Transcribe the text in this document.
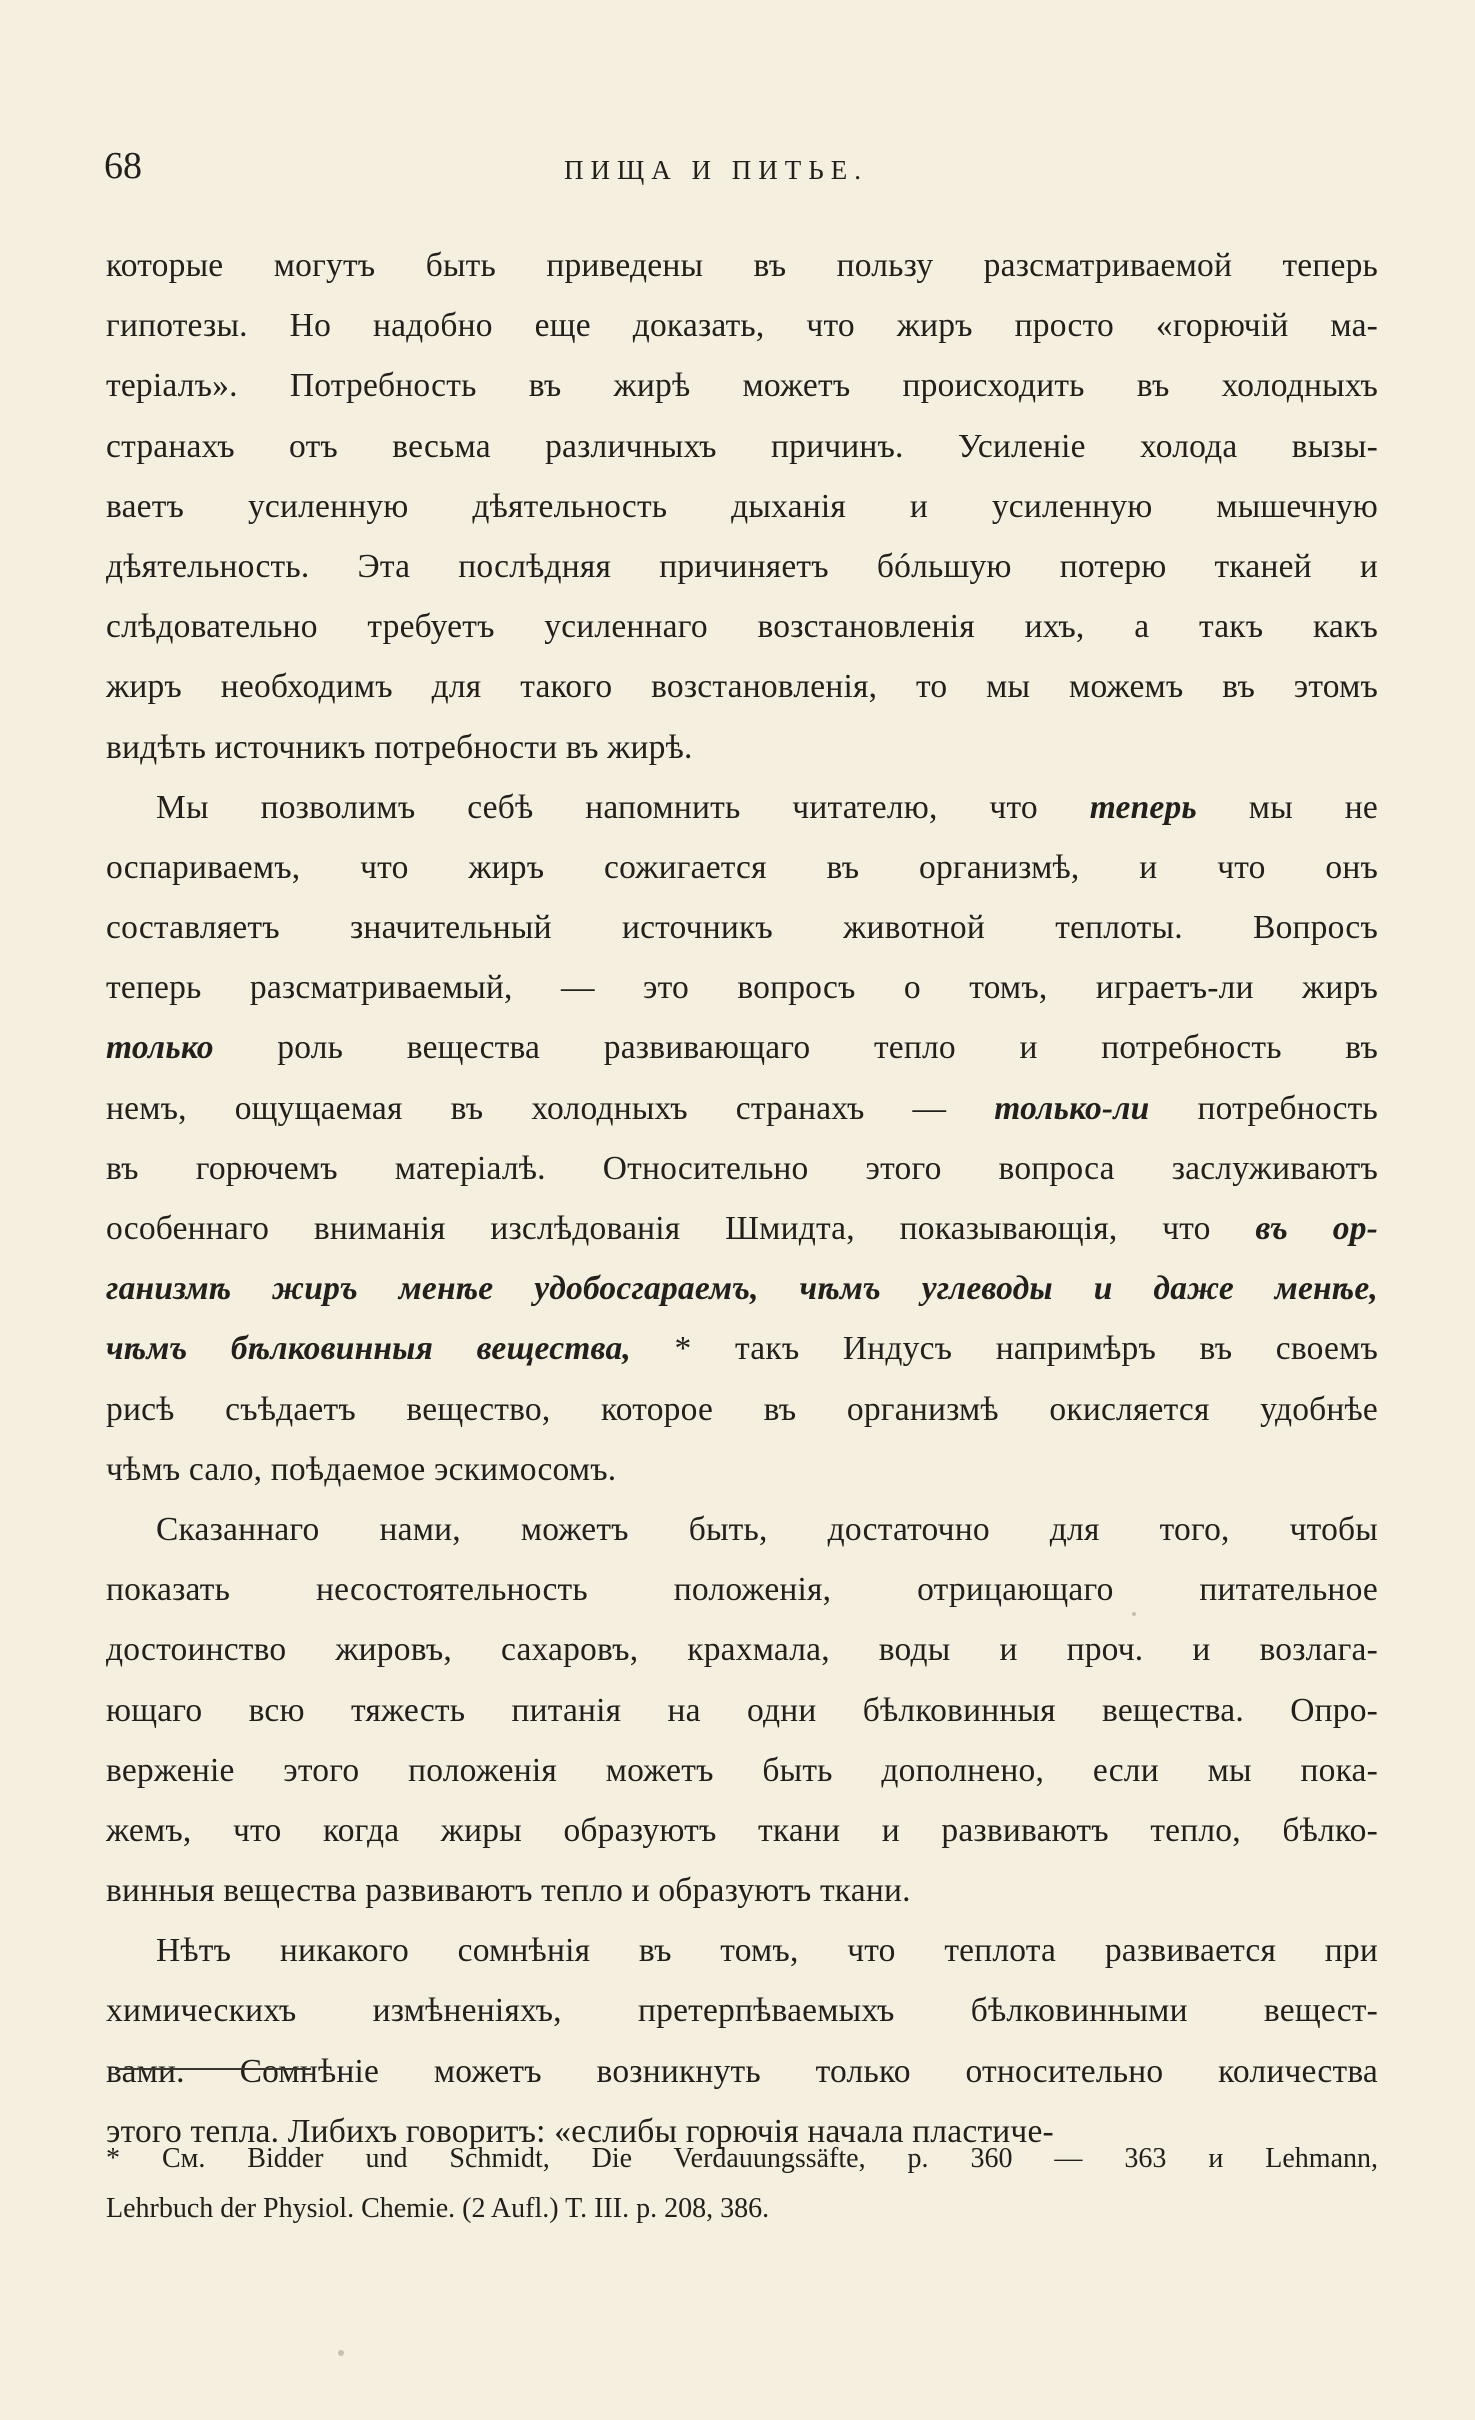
68	ПИЩА И ПИТЬЕ.
которые могутъ быть приведены въ пользу разсматриваемой теперь
гипотезы. Но надобно еще доказать, что жиръ просто «горючій ма-
теріалъ». Потребность въ жирѣ можетъ происходить въ холодныхъ
странахъ отъ весьма различныхъ причинъ. Усиленіе холода вызы-
ваетъ усиленную дѣятельность дыханія и усиленную мышечную
дѣятельность. Эта послѣдняя причиняетъ бóльшую потерю тканей и
слѣдовательно требуетъ усиленнаго возстановленія ихъ, а такъ какъ
жиръ необходимъ для такого возстановленія, то мы можемъ въ этомъ
видѣть источникъ потребности въ жирѣ.
Мы позволимъ себѣ напомнить читателю, что теперь мы не
оспариваемъ, что жиръ сожигается въ организмѣ, и что онъ
составляетъ значительный источникъ животной теплоты. Вопросъ
теперь разсматриваемый, — это вопросъ о томъ, играетъ-ли жиръ
только роль вещества развивающаго тепло и потребность въ
немъ, ощущаемая въ холодныхъ странахъ — только-ли потребность
въ горючемъ матеріалѣ. Относительно этого вопроса заслуживаютъ
особеннаго вниманія изслѣдованія Шмидта, показывающія, что въ ор-
ганизмѣ жиръ менѣе удобосгараемъ, чѣмъ углеводы и даже менѣе,
чѣмъ бѣлковинныя вещества, * такъ Индусъ напримѣръ въ своемъ
рисѣ съѣдаетъ вещество, которое въ организмѣ окисляется удобнѣе
чѣмъ сало, поѣдаемое эскимосомъ.
Сказаннаго нами, можетъ быть, достаточно для того, чтобы
показать несостоятельность положенія, отрицающаго питательное
достоинство жировъ, сахаровъ, крахмала, воды и проч. и возлага-
ющаго всю тяжесть питанія на одни бѣлковинныя вещества. Опро-
верженіе этого положенія можетъ быть дополнено, если мы пока-
жемъ, что когда жиры образуютъ ткани и развиваютъ тепло, бѣлко-
винныя вещества развиваютъ тепло и образуютъ ткани.
Нѣтъ никакого сомнѣнія въ томъ, что теплота развивается при
химическихъ измѣненіяхъ, претерпѣваемыхъ бѣлковинными вещест-
вами. Сомнѣніе можетъ возникнуть только относительно количества
этого тепла. Либихъ говоритъ: «еслибы горючія начала пластиче-
* См. Bidder und Schmidt, Die Verdauungssäfte, p. 360 — 363 и Lehmann,
Lehrbuch der Physiol. Chemie. (2 Aufl.) T. III. p. 208, 386.
